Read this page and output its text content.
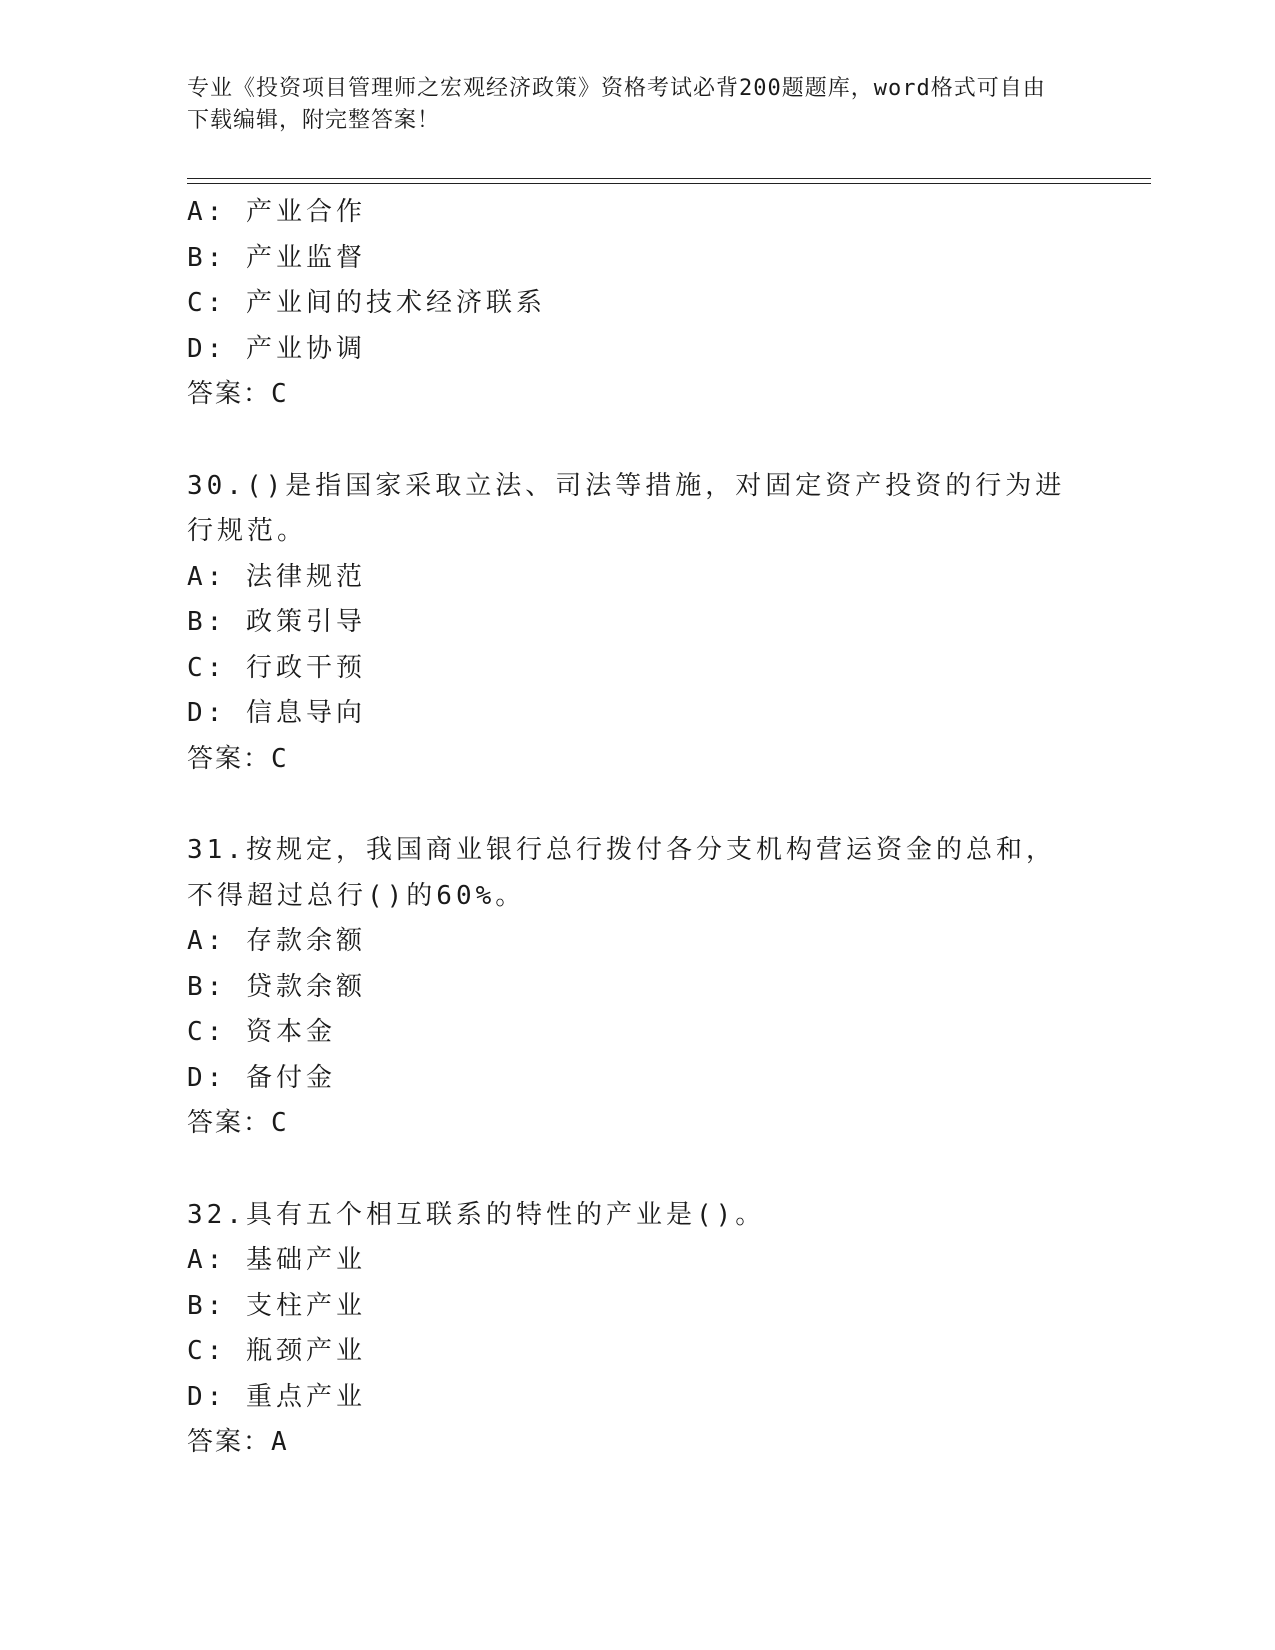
专业《投资项目管理师之宏观经济政策》资格考试必背200题题库，word格式可自由下载编辑，附完整答案！
A: 产业合作
B: 产业监督
C: 产业间的技术经济联系
D: 产业协调
答案：C
30.()是指国家采取立法、司法等措施，对固定资产投资的行为进行规范。
A: 法律规范
B: 政策引导
C: 行政干预
D: 信息导向
答案：C
31.按规定，我国商业银行总行拨付各分支机构营运资金的总和，不得超过总行()的60%。
A: 存款余额
B: 贷款余额
C: 资本金
D: 备付金
答案：C
32.具有五个相互联系的特性的产业是()。
A: 基础产业
B: 支柱产业
C: 瓶颈产业
D: 重点产业
答案：A
